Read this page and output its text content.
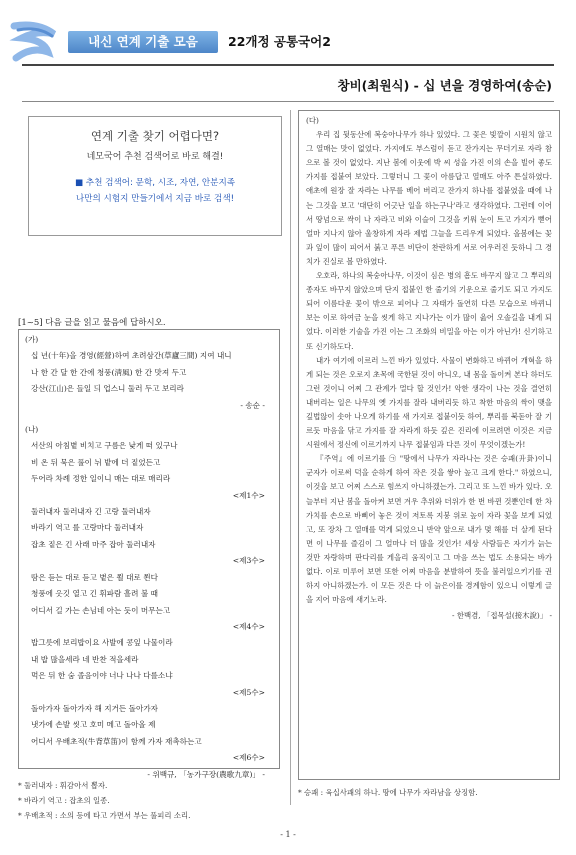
내신 연계 기출 모음	22개정 공통국어2
창비(최원식) - 십 년을 경영하여(송순)
연계 기출 찾기 어렵다면?
네모국어 추천 검색어로 바로 해결!
■ 추천 검색어: 문학, 시조, 자연, 안분지족
나만의 시험지 만들기에서 지금 바로 검색!
[1~5] 다음 글을 읽고 물음에 답하시오.
(가)
십 년(十年)을 경영(經營)하여 초려삼간(草廬三間) 지여 내니
나 한 간 달 한 간에 청풍(淸風) 한 간 맛져 두고
강산(江山)은 들일 듸 업스니 둘러 두고 보리라
- 송순 -
(나)
서산의 아침볕 비치고 구름은 낮게 떠 있구나
비 온 뒤 묵은 풀이 뉘 밭에 더 짙었든고
두어라 차례 정한 일이니 매는 대로 매리라
<제1수>
둘러내자 둘러내자 긴 고랑 둘러내자
바라기 역고 를 고랑마다 둘러내자
잡초 짙은 긴 사래 마주 잡아 둘러내자
<제3수>
땀은 듣는 대로 듣고 볕은 쬘 대로 쬔다
청풍에 옷깃 열고 긴 휘파람 흘려 불 때
어디서 길 가는 손님네 아는 듯이 머무는고
<제4수>
밥그릇에 보리밥이요 사발에 콩잎 나물이라
내 밥 많을세라 네 반찬 적을세라
먹은 뒤 한 숨 졸음이야 너나 나나 다를소냐
<제5수>
돌아가자 돌아가자 해 지거든 돌아가자
냇가에 손발 씻고 호미 메고 돌아올 제
어디서 우배초적(牛背草笛)이 함께 가자 재촉하는고
<제6수>
- 위백규, 「농가구장(農歌九章)」 -
* 둘러내자 : 휘감아서 뽑자.
* 바라기 역고 : 잡초의 일종.
* 우배초적 : 소의 등에 타고 가면서 부는 풀피리 소리.
(다)

우리 집 뒷동산에 복숭아나무가 하나 있었다. 그 꽃은 빛깔이 시원치 않고 그 열매는 맛이 없었다. 가지에도 부스럼이 돋고 잔가지는 무더기로 자라 참으로 볼 것이 없었다. 지난 봄에 이웃에 박 씨 성을 가진 이의 손을 빌어 좋도 가지를 접붙여 보았다. 그렇더니 그 꽃이 아름답고 열매도 아주 튼실하였다. 애초에 원장 잘 자라는 나무를 베어 버리고 잔가지 하나를 접붙였을 때에 나는 그것을 보고 '대단히 어긋난 일을 하는구나'라고 생각하였다. 그런데 이어서 땅넘으로 싹이 나 자라고 비와 이슬이 그것을 키워 눈이 트고 가지가 뻗어 얼마 지나지 않아 울창하게 자라 제법 그늘을 드리우게 되었다. 올봄에는 꽃과 잎이 많이 피어서 붉고 푸른 비단이 찬란하게 서로 어우러진 듯하니 그 경치가 진실로 볼 만하였다.

오호라, 하나의 복숭아나무, 이것이 심은 병의 흠도 바꾸지 않고 그 뿌리의 종자도 바꾸지 않았으며 단지 접붙인 한 줄기의 기운으로 줄기도 되고 가지도 되어 이름다운 꽃이 밖으로 피어나 그 자태가 돌연히 다른 모습으로 바뀌니 보는 이로 하여금 눈을 씻게 하고 지나가는 이가 많이 읊어 오솔길을 내게 되었다. 이러한 기술을 가진 이는 그 조화의 비밀을 아는 이가 아닌가! 신기하고 또 신기하도다.

내가 여기에 이르러 느낀 바가 있었다. 사물이 변화하고 바뀌어 개혁을 하게 되는 것은 오로지 초목에 국한된 것이 아니오, 내 몸을 돌이켜 본다 하더도 그런 것이니 어찌 그 관계가 멀다 할 것인가! 악한 생각이 나는 것을 결연히 내버리는 일은 나무의 옛 가지를 잘라 내버리듯 하고 착한 마음의 싹이 맺을 깊법않이 솟아 나오게 하기를 새 가지로 접붙이듯 하여, 뿌리를 북돋아 잘 기르듯 마음을 닦고 가지를 잘 자라게 하듯 깊은 진리에 이르려면 이것은 지금 시원에서 정신에 이르기까지 나무 접붙임과 다른 것이 무엇이겠는가!

『주역』에 이르기를 ㉠ "땅에서 나무가 자라나는 것은 승괘(升卦)이니 군자가 이로써 덕을 순하게 하여 작은 것을 쌓아 높고 크게 한다." 하였으니, 이것을 보고 어찌 스스로 힘쓰지 아니하겠는가. 그리고 또 느낀 바가 있다. 오늘부터 지난 봄을 돌아켜 보면 겨우 추위와 더위가 한 번 바뀐 것뿐인데 한 차 가치를 손으로 바삐어 놓은 것이 저토록 지붕 위로 높이 자라 꽃을 보게 되었고, 또 장차 그 열매를 먹게 되었으니 반약 앞으로 내가 몇 해를 더 살게 된다면 이 나무를 즐김이 그 얼마나 더 많을 것인가! 세상 사람들은 자기가 늙는 것만 자랑하며 판다리를 게을리 움직이고 그 마음 쓰는 법도 소용되는 바가 없다. 이로 미루어 보면 또한 어찌 마음을 분발하여 뜻을 불러일으키기를 권하지 아니하겠는가. 이 모든 것은 다 이 늙은이를 경계함이 있으니 이렇게 글을 지어 마음에 새기노라.

- 한백겸, 「접목설(接木說)」 -
* 승괘 : 육십사괘의 하나. 땅에 나무가 자라남을 상징함.
- 1 -
